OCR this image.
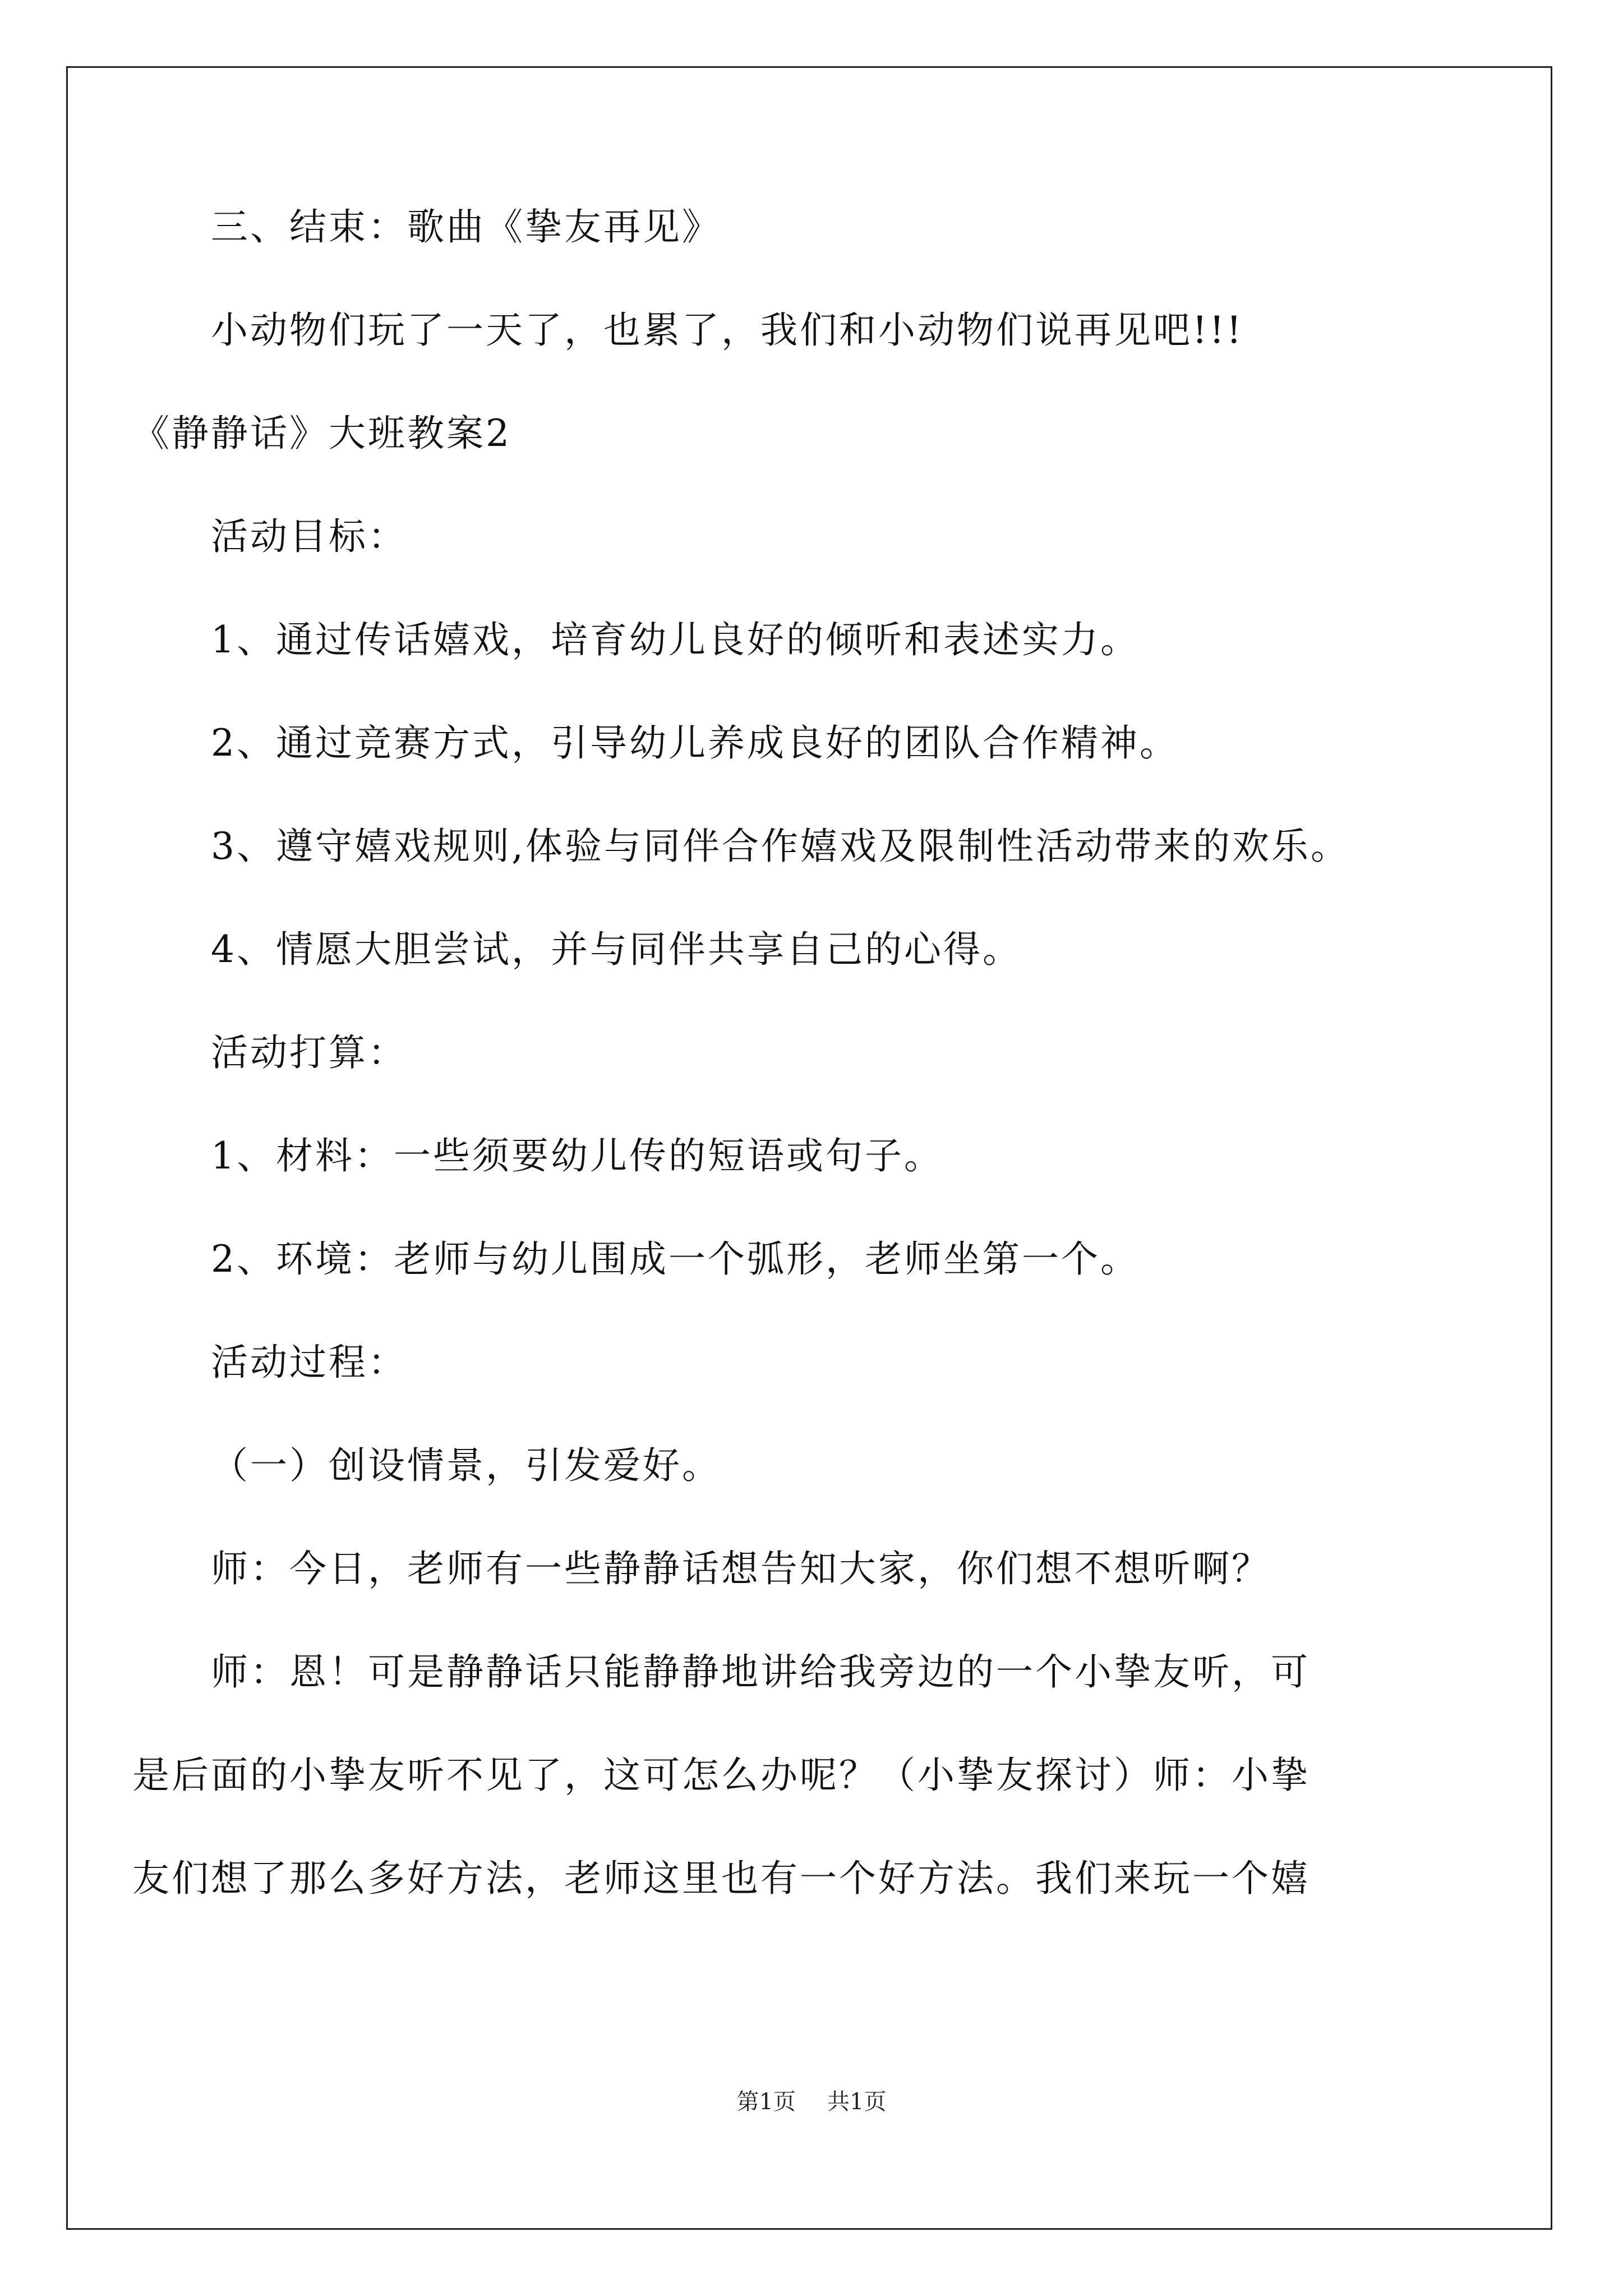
三、结束：歌曲《挚友再见》
小动物们玩了一天了，也累了，我们和小动物们说再见吧!!!
《静静话》大班教案2
活动目标：
1、通过传话嬉戏，培育幼儿良好的倾听和表述实力。
2、通过竞赛方式，引导幼儿养成良好的团队合作精神。
3、遵守嬉戏规则,体验与同伴合作嬉戏及限制性活动带来的欢乐。
4、情愿大胆尝试，并与同伴共享自己的心得。
活动打算：
1、材料：一些须要幼儿传的短语或句子。
2、环境：老师与幼儿围成一个弧形，老师坐第一个。
活动过程：
（一）创设情景，引发爱好。
师：今日，老师有一些静静话想告知大家，你们想不想听啊？
师：恩！可是静静话只能静静地讲给我旁边的一个小挚友听，可
是后面的小挚友听不见了，这可怎么办呢？（小挚友探讨）师：小挚
友们想了那么多好方法，老师这里也有一个好方法。我们来玩一个嬉
第1页 共1页
